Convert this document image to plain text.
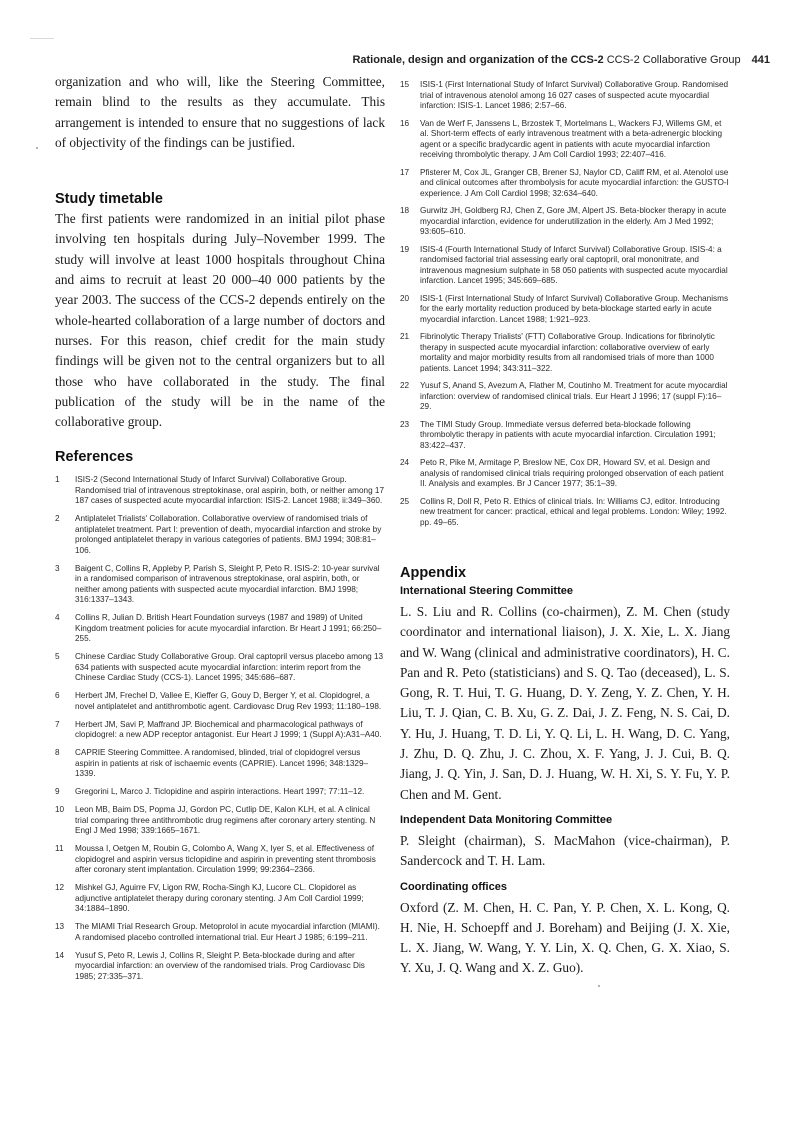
Rationale, design and organization of the CCS-2 CCS-2 Collaborative Group 441

organization and who will, like the Steering Committee, remain blind to the results as they accumulate. This arrangement is intended to ensure that no suggestions of lack of objectivity of the findings can be justified.

Study timetable

The first patients were randomized in an initial pilot phase involving ten hospitals during July–November 1999. The study will involve at least 1000 hospitals throughout China and aims to recruit at least 20 000–40 000 patients by the year 2003. The success of the CCS-2 depends entirely on the whole-hearted collaboration of a large number of doctors and nurses. For this reason, chief credit for the main study findings will be given not to the central organizers but to all those who have collaborated in the study. The final publication of the study will be in the name of the collaborative group.

References
1	ISIS-2 (Second International Study of Infarct Survival) Collaborative Group. Randomised trial of intravenous streptokinase, oral aspirin, both, or neither among 17 187 cases of suspected acute myocardial infarction: ISIS-2. Lancet 1988; ii:349–360.
2	Antiplatelet Trialists' Collaboration. Collaborative overview of randomised trials of antiplatelet treatment. Part I: prevention of death, myocardial infarction and stroke by prolonged antiplatelet therapy in various categories of patients. BMJ 1994; 308:81–106.
3	Baigent C, Collins R, Appleby P, Parish S, Sleight P, Peto R. ISIS-2: 10-year survival in a randomised comparison of intravenous streptokinase, oral aspirin, both, or neither among patients with suspected acute myocardial infarction. BMJ 1998; 316:1337–1343.
4	Collins R, Julian D. British Heart Foundation surveys (1987 and 1989) of United Kingdom treatment policies for acute myocardial infarction. Br Heart J 1991; 66:250–255.
5	Chinese Cardiac Study Collaborative Group. Oral captopril versus placebo among 13 634 patients with suspected acute myocardial infarction: interim report from the Chinese Cardiac Study (CCS-1). Lancet 1995; 345:686–687.
6	Herbert JM, Frechel D, Vallee E, Kieffer G, Gouy D, Berger Y, et al. Clopidogrel, a novel antiplatelet and antithrombotic agent. Cardiovasc Drug Rev 1993; 11:180–198.
7	Herbert JM, Savi P, Maffrand JP. Biochemical and pharmacological pathways of clopidogrel: a new ADP receptor antagonist. Eur Heart J 1999; 1 (Suppl A):A31–A40.
8	CAPRIE Steering Committee. A randomised, blinded, trial of clopidogrel versus aspirin in patients at risk of ischaemic events (CAPRIE). Lancet 1996; 348:1329–1339.
9	Gregorini L, Marco J. Ticlopidine and aspirin interactions. Heart 1997; 77:11–12.
10	Leon MB, Baim DS, Popma JJ, Gordon PC, Cutlip DE, Kalon KLH, et al. A clinical trial comparing three antithrombotic drug regimens after coronary artery stenting. N Engl J Med 1998; 339:1665–1671.
11	Moussa I, Oetgen M, Roubin G, Colombo A, Wang X, Iyer S, et al. Effectiveness of clopidogrel and aspirin versus ticlopidine and aspirin in preventing stent thrombosis after coronary stent implantation. Circulation 1999; 99:2364–2366.
12	Mishkel GJ, Aguirre FV, Ligon RW, Rocha-Singh KJ, Lucore CL. Clopidorel as adjunctive antiplatelet therapy during coronary stenting. J Am Coll Cardiol 1999; 34:1884–1890.
13	The MIAMI Trial Research Group. Metoprolol in acute myocardial infarction (MIAMI). A randomised placebo controlled international trial. Eur Heart J 1985; 6:199–211.
14	Yusuf S, Peto R, Lewis J, Collins R, Sleight P. Beta-blockade during and after myocardial infarction: an overview of the randomised trials. Prog Cardiovasc Dis 1985; 27:335–371.
15	ISIS-1 (First International Study of Infarct Survival) Collaborative Group. Randomised trial of intravenous atenolol among 16 027 cases of suspected acute myocardial infarction: ISIS-1. Lancet 1986; 2:57–66.
16	Van de Werf F, Janssens L, Brzostek T, Mortelmans L, Wackers FJ, Willems GM, et al. Short-term effects of early intravenous treatment with a beta-adrenergic blocking agent or a specific bradycardic agent in patients with acute myocardial infarction receiving thrombolytic therapy. J Am Coll Cardiol 1993; 22:407–416.
17	Pfisterer M, Cox JL, Granger CB, Brener SJ, Naylor CD, Califf RM, et al. Atenolol use and clinical outcomes after thrombolysis for acute myocardial infarction: the GUSTO-I experience. J Am Coll Cardiol 1998; 32:634–640.
18	Gurwitz JH, Goldberg RJ, Chen Z, Gore JM, Alpert JS. Beta-blocker therapy in acute myocardial infarction, evidence for underutilization in the elderly. Am J Med 1992; 93:605–610.
19	ISIS-4 (Fourth International Study of Infarct Survival) Collaborative Group. ISIS-4: a randomised factorial trial assessing early oral captopril, oral mononitrate, and intravenous magnesium sulphate in 58 050 patients with suspected acute myocardial infarction. Lancet 1995; 345:669–685.
20	ISIS-1 (First International Study of Infarct Survival) Collaborative Group. Mechanisms for the early mortality reduction produced by beta-blockage started early in acute myocardial infarction. Lancet 1988; 1:921–923.
21	Fibrinolytic Therapy Trialists' (FTT) Collaborative Group. Indications for fibrinolytic therapy in suspected acute myocardial infarction: collaborative overview of early mortality and major morbidity results from all randomised trials of more than 1000 patients. Lancet 1994; 343:311–322.
22	Yusuf S, Anand S, Avezum A, Flather M, Coutinho M. Treatment for acute myocardial infarction: overview of randomised clinical trials. Eur Heart J 1996; 17 (suppl F):16–29.
23	The TIMI Study Group. Immediate versus deferred beta-blockade following thrombolytic therapy in patients with acute myocardial infarction. Circulation 1991; 83:422–437.
24	Peto R, Pike M, Armitage P, Breslow NE, Cox DR, Howard SV, et al. Design and analysis of randomised clinical trials requiring prolonged observation of each patient II. Analysis and examples. Br J Cancer 1977; 35:1–39.
25	Collins R, Doll R, Peto R. Ethics of clinical trials. In: Williams CJ, editor. Introducing new treatment for cancer: practical, ethical and legal problems. London: Wiley; 1992. pp. 49–65.
Appendix
International Steering Committee

L. S. Liu and R. Collins (co-chairmen), Z. M. Chen (study coordinator and international liaison), J. X. Xie, L. X. Jiang and W. Wang (clinical and administrative coordinators), H. C. Pan and R. Peto (statisticians) and S. Q. Tao (deceased), L. S. Gong, R. T. Hui, T. G. Huang, D. Y. Zeng, Y. Z. Chen, Y. H. Liu, T. J. Qian, C. B. Xu, G. Z. Dai, J. Z. Feng, N. S. Cai, D. Y. Hu, J. Huang, T. D. Li, Y. Q. Li, L. H. Wang, D. C. Yang, J. Zhu, D. Q. Zhu, J. C. Zhou, X. F. Yang, J. J. Cui, B. Q. Jiang, J. Q. Yin, J. San, D. J. Huang, W. H. Xi, S. Y. Fu, Y. P. Chen and M. Gent.

Independent Data Monitoring Committee

P. Sleight (chairman), S. MacMahon (vice-chairman), P. Sandercock and T. H. Lam.

Coordinating offices

Oxford (Z. M. Chen, H. C. Pan, Y. P. Chen, X. L. Kong, Q. H. Nie, H. Schoepff and J. Boreham) and Beijing (J. X. Xie, L. X. Jiang, W. Wang, Y. Y. Lin, X. Q. Chen, G. X. Xiao, S. Y. Xu, J. Q. Wang and X. Z. Guo).
